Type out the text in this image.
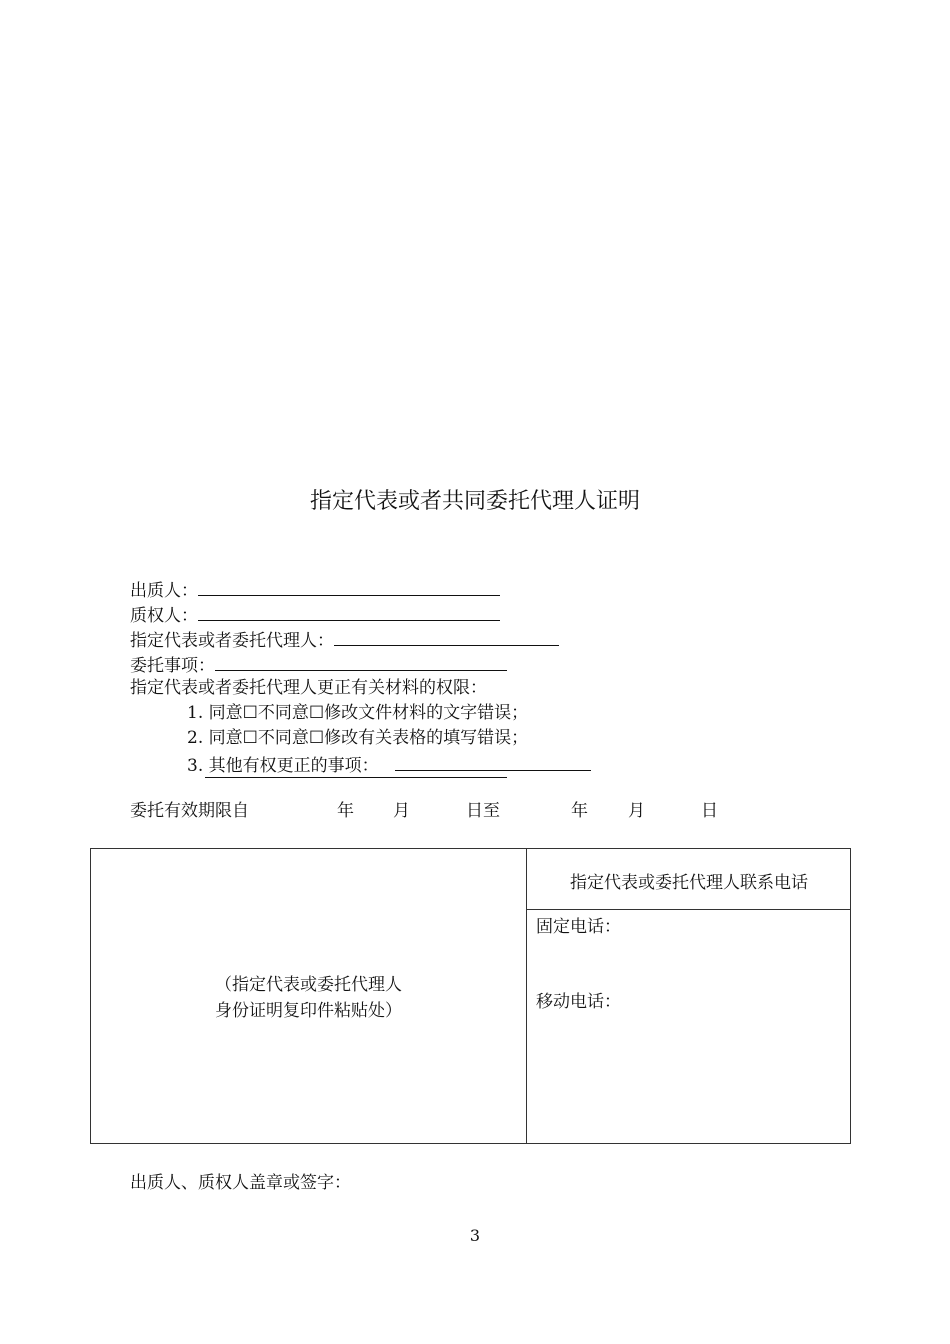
指定代表或者共同委托代理人证明
出质人：
质权人：
指定代表或者委托代理人：
委托事项：
指定代表或者委托代理人更正有关材料的权限：
1. 同意☐不同意☐修改文件材料的文字错误；
2. 同意☐不同意☐修改有关表格的填写错误；
3. 其他有权更正的事项：
委托有效期限自	年 月	日至	年 月	日
（指定代表或委托代理人
身份证明复印件粘贴处）
指定代表或委托代理人联系电话
固定电话：
移动电话：
出质人、质权人盖章或签字：
3
